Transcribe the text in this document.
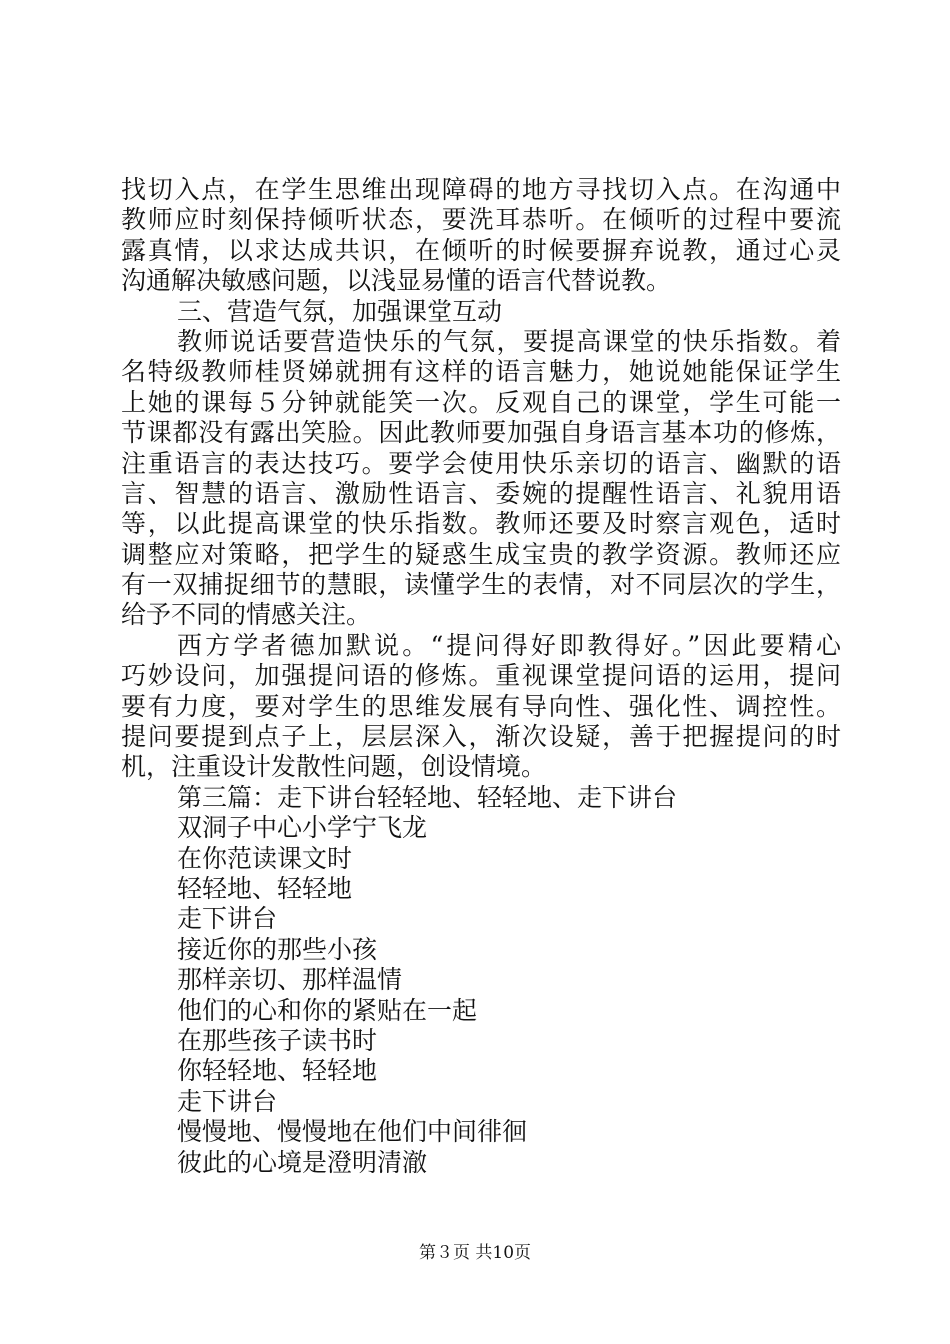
找切入点，在学生思维出现障碍的地方寻找切入点。在沟通中
教师应时刻保持倾听状态，要洗耳恭听。在倾听的过程中要流
露真情，以求达成共识，在倾听的时候要摒弃说教，通过心灵
沟通解决敏感问题，以浅显易懂的语言代替说教。
三、营造气氛，加强课堂互动
教师说话要营造快乐的气氛，要提高课堂的快乐指数。着
名特级教师桂贤娣就拥有这样的语言魅力，她说她能保证学生
上她的课每５分钟就能笑一次。反观自己的课堂，学生可能一
节课都没有露出笑脸。因此教师要加强自身语言基本功的修炼，
注重语言的表达技巧。要学会使用快乐亲切的语言、幽默的语
言、智慧的语言、激励性语言、委婉的提醒性语言、礼貌用语
等，以此提高课堂的快乐指数。教师还要及时察言观色，适时
调整应对策略，把学生的疑惑生成宝贵的教学资源。教师还应
有一双捕捉细节的慧眼，读懂学生的表情，对不同层次的学生，
给予不同的情感关注。
西方学者德加默说。“提问得好即教得好。”因此要精心
巧妙设问，加强提问语的修炼。重视课堂提问语的运用，提问
要有力度，要对学生的思维发展有导向性、强化性、调控性。
提问要提到点子上，层层深入，渐次设疑，善于把握提问的时
机，注重设计发散性问题，创设情境。
第三篇：走下讲台轻轻地、轻轻地、走下讲台
双洞子中心小学宁飞龙
在你范读课文时
轻轻地、轻轻地
走下讲台
接近你的那些小孩
那样亲切、那样温情
他们的心和你的紧贴在一起
在那些孩子读书时
你轻轻地、轻轻地
走下讲台
慢慢地、慢慢地在他们中间徘徊
彼此的心境是澄明清澈
第３页 共10页
